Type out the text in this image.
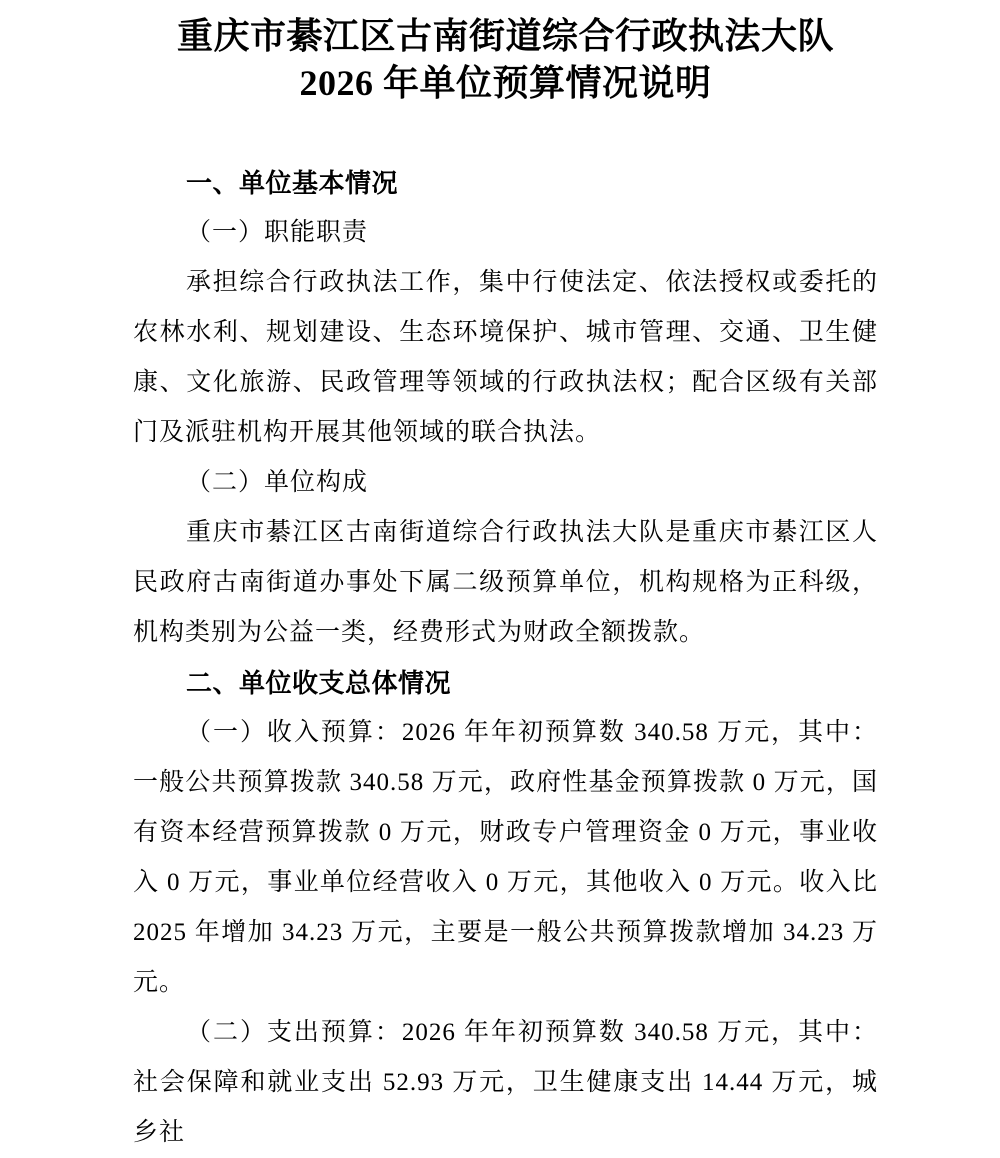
重庆市綦江区古南街道综合行政执法大队
2026 年单位预算情况说明
一、单位基本情况
（一）职能职责

承担综合行政执法工作，集中行使法定、依法授权或委托的农林水利、规划建设、生态环境保护、城市管理、交通、卫生健康、文化旅游、民政管理等领域的行政执法权；配合区级有关部门及派驻机构开展其他领域的联合执法。

（二）单位构成

重庆市綦江区古南街道综合行政执法大队是重庆市綦江区人民政府古南街道办事处下属二级预算单位，机构规格为正科级，机构类别为公益一类，经费形式为财政全额拨款。

二、单位收支总体情况

（一）收入预算：2026 年年初预算数 340.58 万元，其中：一般公共预算拨款 340.58 万元，政府性基金预算拨款 0 万元，国有资本经营预算拨款 0 万元，财政专户管理资金 0 万元，事业收入 0 万元，事业单位经营收入 0 万元，其他收入 0 万元。收入比 2025 年增加 34.23 万元，主要是一般公共预算拨款增加 34.23 万元。

（二）支出预算：2026 年年初预算数 340.58 万元，其中：社会保障和就业支出 52.93 万元，卫生健康支出 14.44 万元，城乡社
